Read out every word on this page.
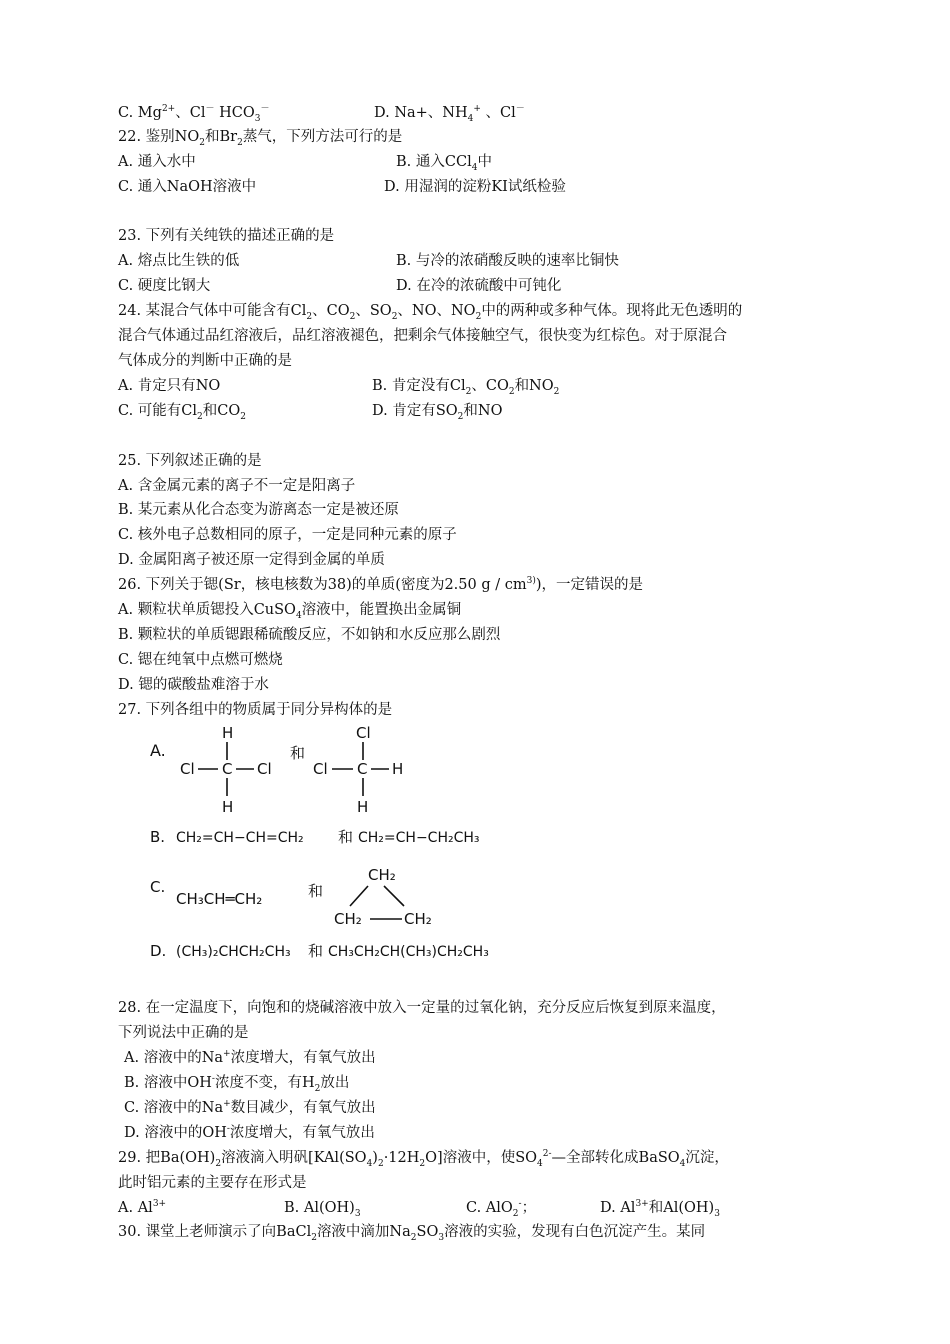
C. $Mg^{2+}$、Cl－ $HCO_3^-$	D. Na+、$NH_4^+$ 、Cl－
22. 鉴别$NO_2$和$Br_2$蒸气，下列方法可行的是
A. 通入水中	B. 通入CCl$_4$中
C. 通入NaOH溶液中	D. 用湿润的淀粉KI试纸检验
23. 下列有关纯铁的描述正确的是
A. 熔点比生铁的低	B. 与冷的浓硝酸反映的速率比铜快
C. 硬度比钢大	D. 在冷的浓硫酸中可钝化
24. 某混合气体中可能含有$Cl_2$、$CO_2$、$SO_2$、NO、$NO_2$中的两种或多种气体。现将此无色透明的
混合气体通过品红溶液后，品红溶液褪色，把剩余气体接触空气，很快变为红棕色。对于原混合
气体成分的判断中正确的是
A. 肯定只有NO	B. 肯定没有$Cl_2$、$CO_2$和$NO_2$
C. 可能有$Cl_2$和$CO_2$	D. 肯定有$SO_2$和NO
25. 下列叙述正确的是
A. 含金属元素的离子不一定是阳离子
B. 某元素从化合态变为游离态一定是被还原
C. 核外电子总数相同的原子，一定是同种元素的原子
D. 金属阳离子被还原一定得到金属的单质
26. 下列关于锶(Sr，核电核数为38)的单质(密度为2.50 g / $cm^{3)}$)，一定错误的是
A. 颗粒状单质锶投入CuSO$_4$溶液中，能置换出金属铜
B. 颗粒状的单质锶跟稀硫酸反应，不如钠和水反应那么剧烈
C. 锶在纯氧中点燃可燃烧
D. 锶的碳酸盐难溶于水
27. 下列各组中的物质属于同分异构体的是
A.
H
Cl C Cl
H
和
Cl
Cl C H
H
B. CH₂=CH−CH=CH₂ 和 CH₂=CH−CH₂CH₃
C.
CH₃CH═CH₂	和
CH₂
CH₂	CH₂
D. (CH₃)₂CHCH₂CH₃ 和 CH₃CH₂CH(CH₃)CH₂CH₃
28. 在一定温度下，向饱和的烧碱溶液中放入一定量的过氧化钠，充分反应后恢复到原来温度，
下列说法中正确的是
A. 溶液中的Na+浓度增大，有氧气放出
B. 溶液中OH-浓度不变，有$H_2$放出
C. 溶液中的Na+数目减少，有氧气放出
D. 溶液中的OH-浓度增大，有氧气放出
29. 把$Ba(OH)_2$溶液滴入明矾$[KAl(SO_4)_2\cdot 12H_2O]$溶液中，使$SO_4^{2-}—$全部转化成BaSO$_4$沉淀，
此时铝元素的主要存在形式是
A. $Al^{3+}$	B. $Al(OH)_3$	C. AlO$_2$-；	D. $Al^{3+}$和$Al(OH)_3$
30. 课堂上老师演示了向BaCl$_2$溶液中滴加$Na_2SO_3$溶液的实验，发现有白色沉淀产生。某同
